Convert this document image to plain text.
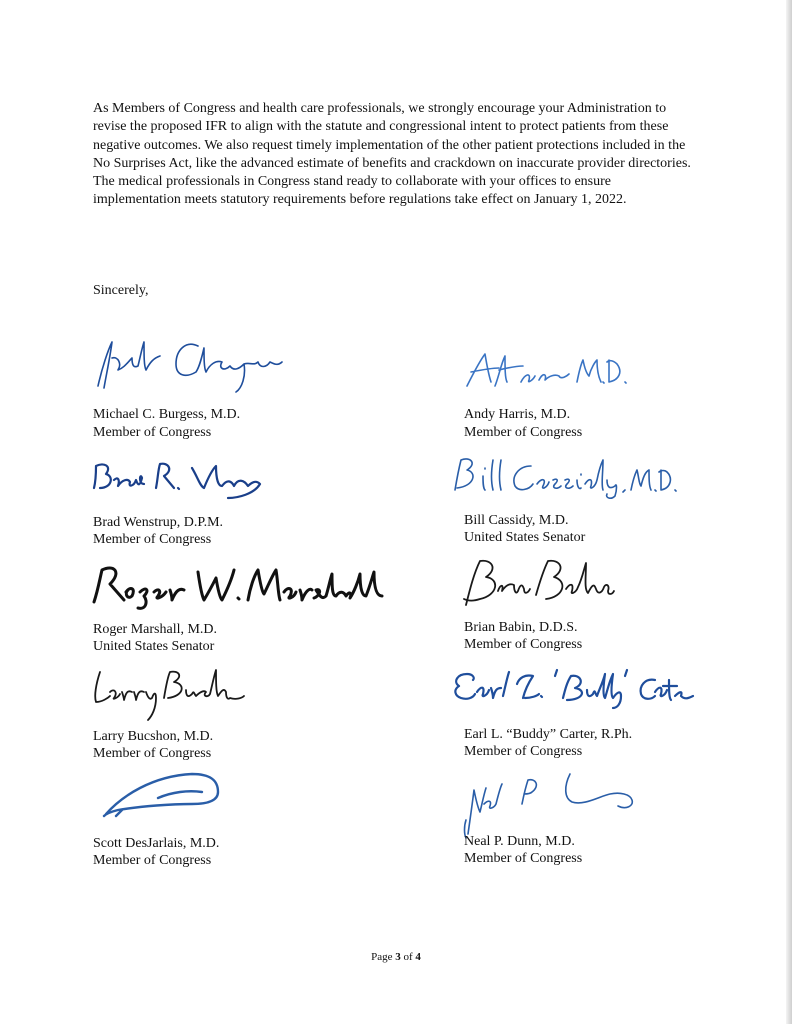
As Members of Congress and health care professionals, we strongly encourage your Administration to revise the proposed IFR to align with the statute and congressional intent to protect patients from these negative outcomes. We also request timely implementation of the other patient protections included in the No Surprises Act, like the advanced estimate of benefits and crackdown on inaccurate provider directories. The medical professionals in Congress stand ready to collaborate with your offices to ensure implementation meets statutory requirements before regulations take effect on January 1, 2022.

Sincerely,
Michael C. Burgess, M.D.
Member of Congress
Brad Wenstrup, D.P.M.
Member of Congress
Roger Marshall, M.D.
United States Senator
Larry Bucshon, M.D.
Member of Congress
Scott DesJarlais, M.D.
Member of Congress
Andy Harris, M.D.
Member of Congress
Bill Cassidy, M.D.
United States Senator
Brian Babin, D.D.S.
Member of Congress
Earl L. “Buddy” Carter, R.Ph.
Member of Congress
Neal P. Dunn, M.D.
Member of Congress
Page 3 of 4
